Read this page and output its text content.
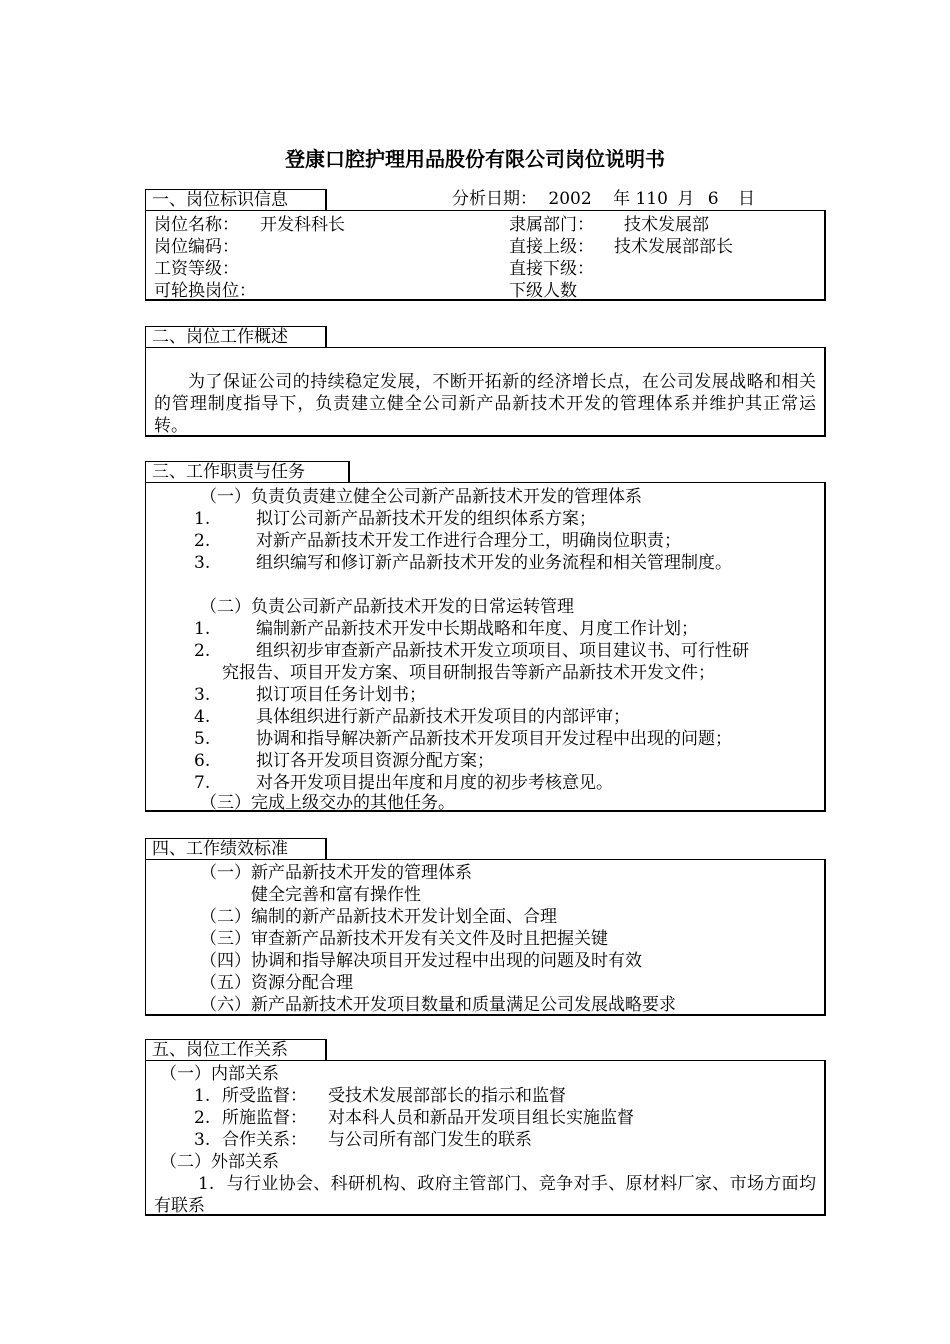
登康口腔护理用品股份有限公司岗位说明书
一、岗位标识信息	分析日期： 2002 年 110 月 6 日
岗位名称： 开发科科长	隶属部门： 技术发展部
岗位编码：	直接上级： 技术发展部部长
工资等级：	直接下级：
可轮换岗位：	下级人数
二、岗位工作概述
为了保证公司的持续稳定发展，不断开拓新的经济增长点，在公司发展战略和相关的管理制度指导下，负责建立健全公司新产品新技术开发的管理体系并维护其正常运转。
三、工作职责与任务
（一）负责负责建立健全公司新产品新技术开发的管理体系
1.	拟订公司新产品新技术开发的组织体系方案；
2.	对新产品新技术开发工作进行合理分工，明确岗位职责；
3.	组织编写和修订新产品新技术开发的业务流程和相关管理制度。
（二）负责公司新产品新技术开发的日常运转管理
1.	编制新产品新技术开发中长期战略和年度、月度工作计划；
2.	组织初步审查新产品新技术开发立项项目、项目建议书、可行性研
究报告、项目开发方案、项目研制报告等新产品新技术开发文件；
3.	拟订项目任务计划书；
4.	具体组织进行新产品新技术开发项目的内部评审；
5.	协调和指导解决新产品新技术开发项目开发过程中出现的问题；
6.	拟订各开发项目资源分配方案；
7.	对各开发项目提出年度和月度的初步考核意见。
（三）完成上级交办的其他任务。
四、工作绩效标准
（一）新产品新技术开发的管理体系
健全完善和富有操作性
（二）编制的新产品新技术开发计划全面、合理
（三）审查新产品新技术开发有关文件及时且把握关键
（四）协调和指导解决项目开发过程中出现的问题及时有效
（五）资源分配合理
（六）新产品新技术开发项目数量和质量满足公司发展战略要求
五、岗位工作关系
（一）内部关系
1. 所受监督： 受技术发展部部长的指示和监督
2. 所施监督： 对本科人员和新品开发项目组长实施监督
3. 合作关系： 与公司所有部门发生的联系
（二）外部关系
1. 与行业协会、科研机构、政府主管部门、竞争对手、原材料厂家、市场方面均有联系
